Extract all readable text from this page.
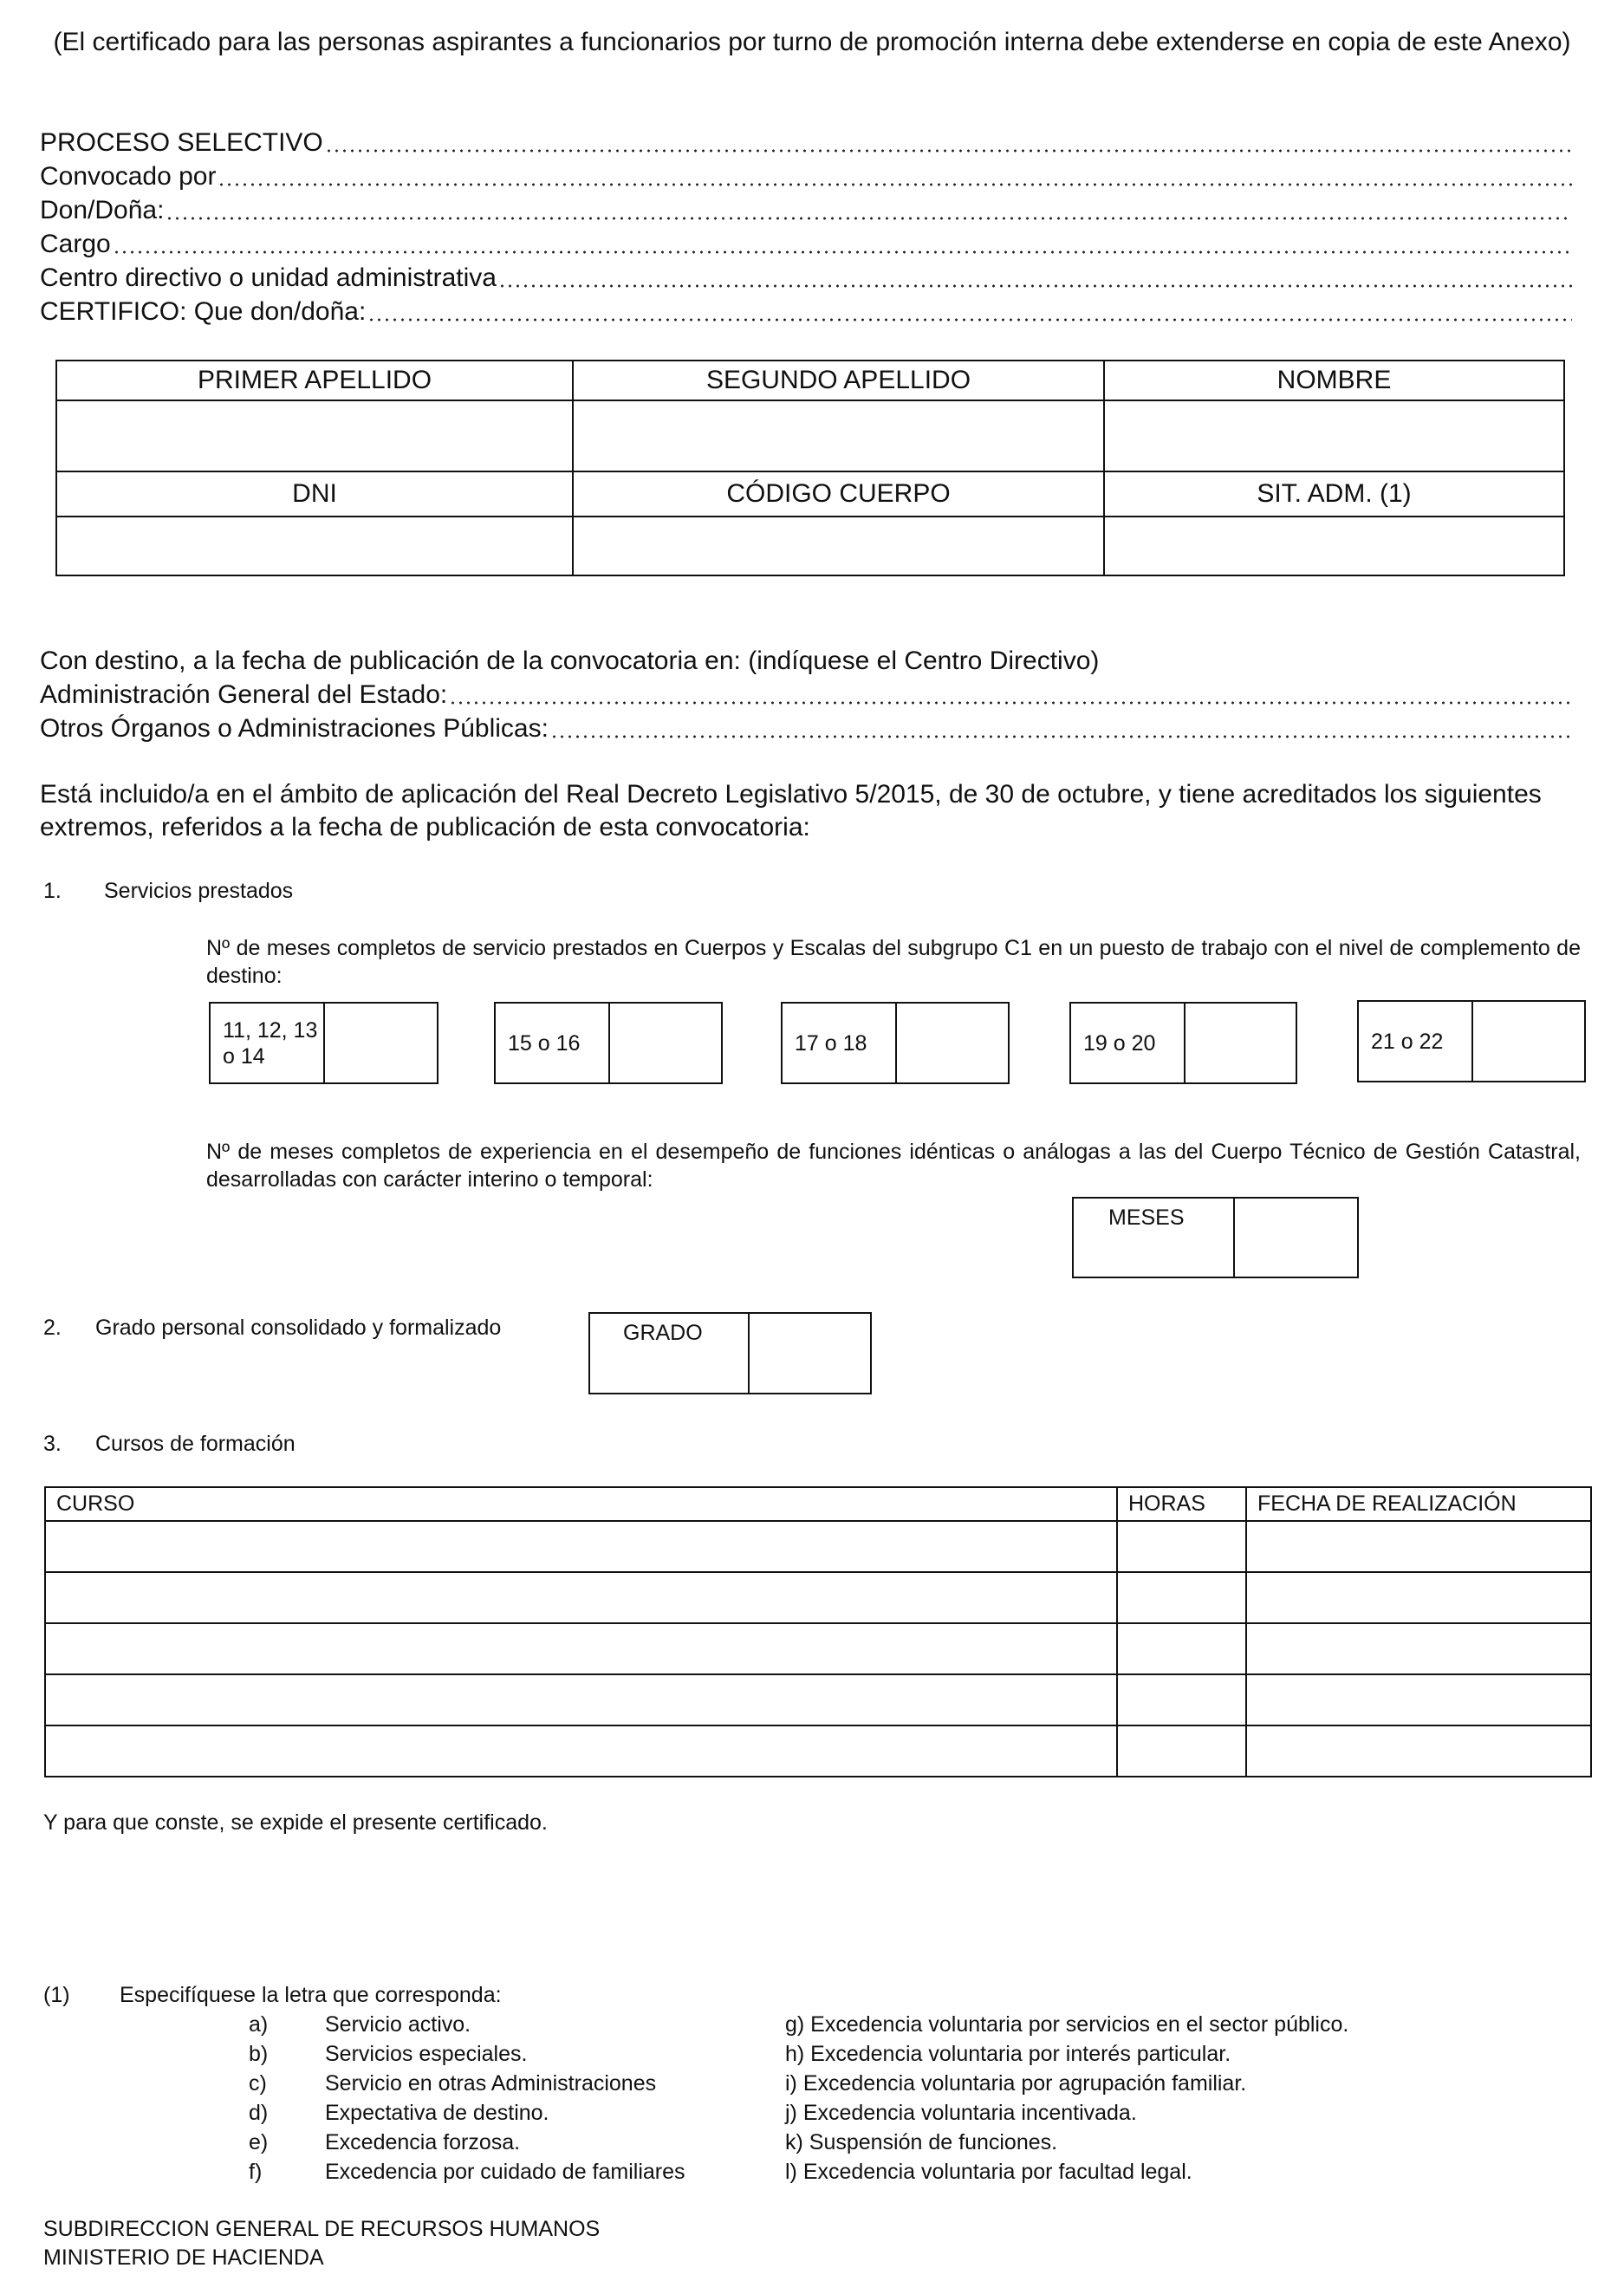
(El certificado para las personas aspirantes a funcionarios por turno de promoción interna debe extenderse en copia de este Anexo)
PROCESO SELECTIVO
Convocado por
Don/Doña:
Cargo
Centro directivo o unidad administrativa
CERTIFICO: Que don/doña:
PRIMER APELLIDO	SEGUNDO APELLIDO	NOMBRE

DNI	CÓDIGO CUERPO	SIT. ADM. (1)

Con destino, a la fecha de publicación de la convocatoria en: (indíquese el Centro Directivo)
Administración General del Estado:
Otros Órganos o Administraciones Públicas:
Está incluido/a en el ámbito de aplicación del Real Decreto Legislativo 5/2015, de 30 de octubre, y tiene acreditados los siguientes extremos, referidos a la fecha de publicación de esta convocatoria:
1. Servicios prestados
Nº de meses completos de servicio prestados en Cuerpos y Escalas del subgrupo C1 en un puesto de trabajo con el nivel de complemento de destino:
11, 12, 13 o 14
15 o 16	17 o 18	19 o 20	21 o 22
Nº de meses completos de experiencia en el desempeño de funciones idénticas o análogas a las del Cuerpo Técnico de Gestión Catastral, desarrolladas con carácter interino o temporal:
MESES
2. Grado personal consolidado y formalizado	GRADO
3. Cursos de formación
CURSO	HORAS	FECHA DE REALIZACIÓN

Y para que conste, se expide el presente certificado.
(1) Especifíquese la letra que corresponda:
a)	Servicio activo.	g) Excedencia voluntaria por servicios en el sector público.
b)	Servicios especiales.	h) Excedencia voluntaria por interés particular.
c)	Servicio en otras Administraciones	i) Excedencia voluntaria por agrupación familiar.
d)	Expectativa de destino.	j) Excedencia voluntaria incentivada.
e)	Excedencia forzosa.	k) Suspensión de funciones.
f)	Excedencia por cuidado de familiares	l) Excedencia voluntaria por facultad legal.
SUBDIRECCION GENERAL DE RECURSOS HUMANOS
MINISTERIO DE HACIENDA
